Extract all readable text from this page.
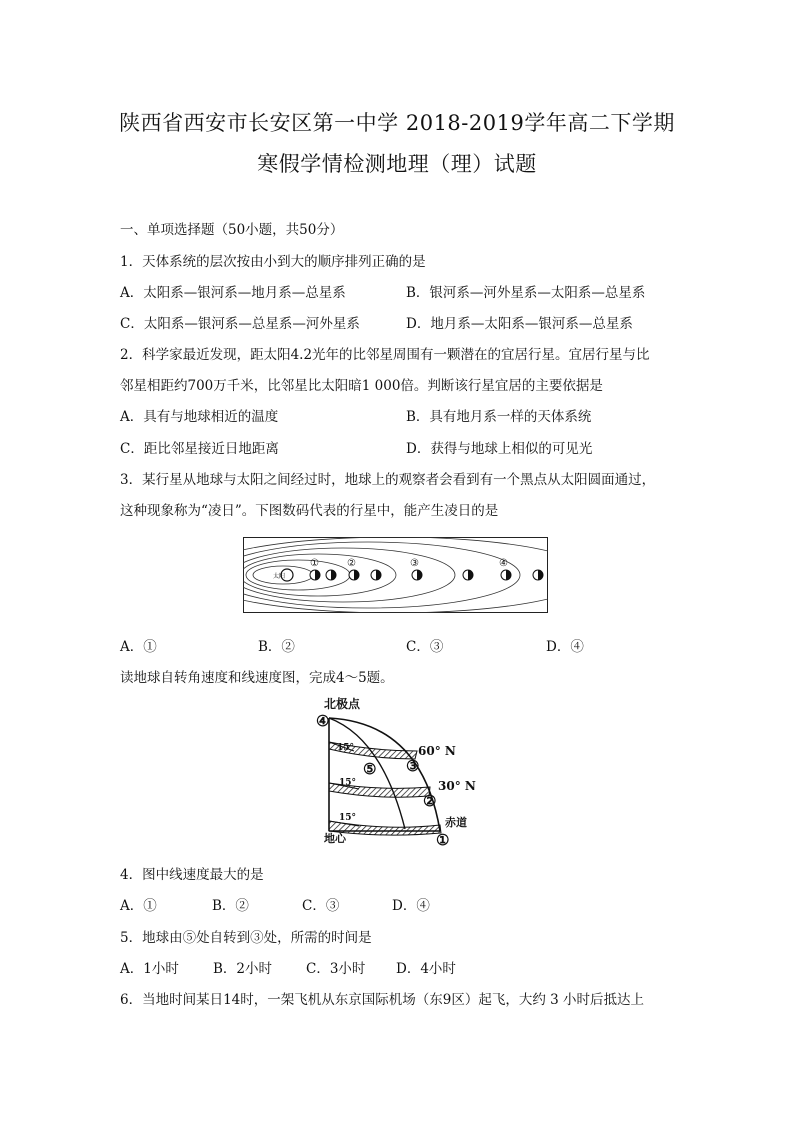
陕西省西安市长安区第一中学 2018-2019学年高二下学期
寒假学情检测地理（理）试题
一、单项选择题（50小题，共50分）
1．天体系统的层次按由小到大的顺序排列正确的是
A．太阳系—银河系—地月系—总星系	B．银河系—河外星系—太阳系—总星系
C．太阳系—银河系—总星系—河外星系	D．地月系—太阳系—银河系—总星系
2．科学家最近发现，距太阳4.2光年的比邻星周围有一颗潜在的宜居行星。宜居行星与比
邻星相距约700万千米，比邻星比太阳暗1 000倍。判断该行星宜居的主要依据是
A．具有与地球相近的温度	B．具有地月系一样的天体系统
C．距比邻星接近日地距离	D．获得与地球上相似的可见光
3．某行星从地球与太阳之间经过时，地球上的观察者会看到有一个黑点从太阳圆面通过，
这种现象称为“凌日”。下图数码代表的行星中，能产生凌日的是
太阳
①	②	③	④
A．①	B．②	C．③	D．④
读地球自转角速度和线速度图，完成4～5题。
北极点
④
15°
15°
15°
60° N
30° N
⑤ ③
②
①
地心
赤道
4．图中线速度最大的是
A．①	B．②	C．③	D．④
5．地球由⑤处自转到③处，所需的时间是
A．1小时	B．2小时	C．3小时 D．4小时
6．当地时间某日14时，一架飞机从东京国际机场（东9区）起飞，大约 3 小时后抵达上
